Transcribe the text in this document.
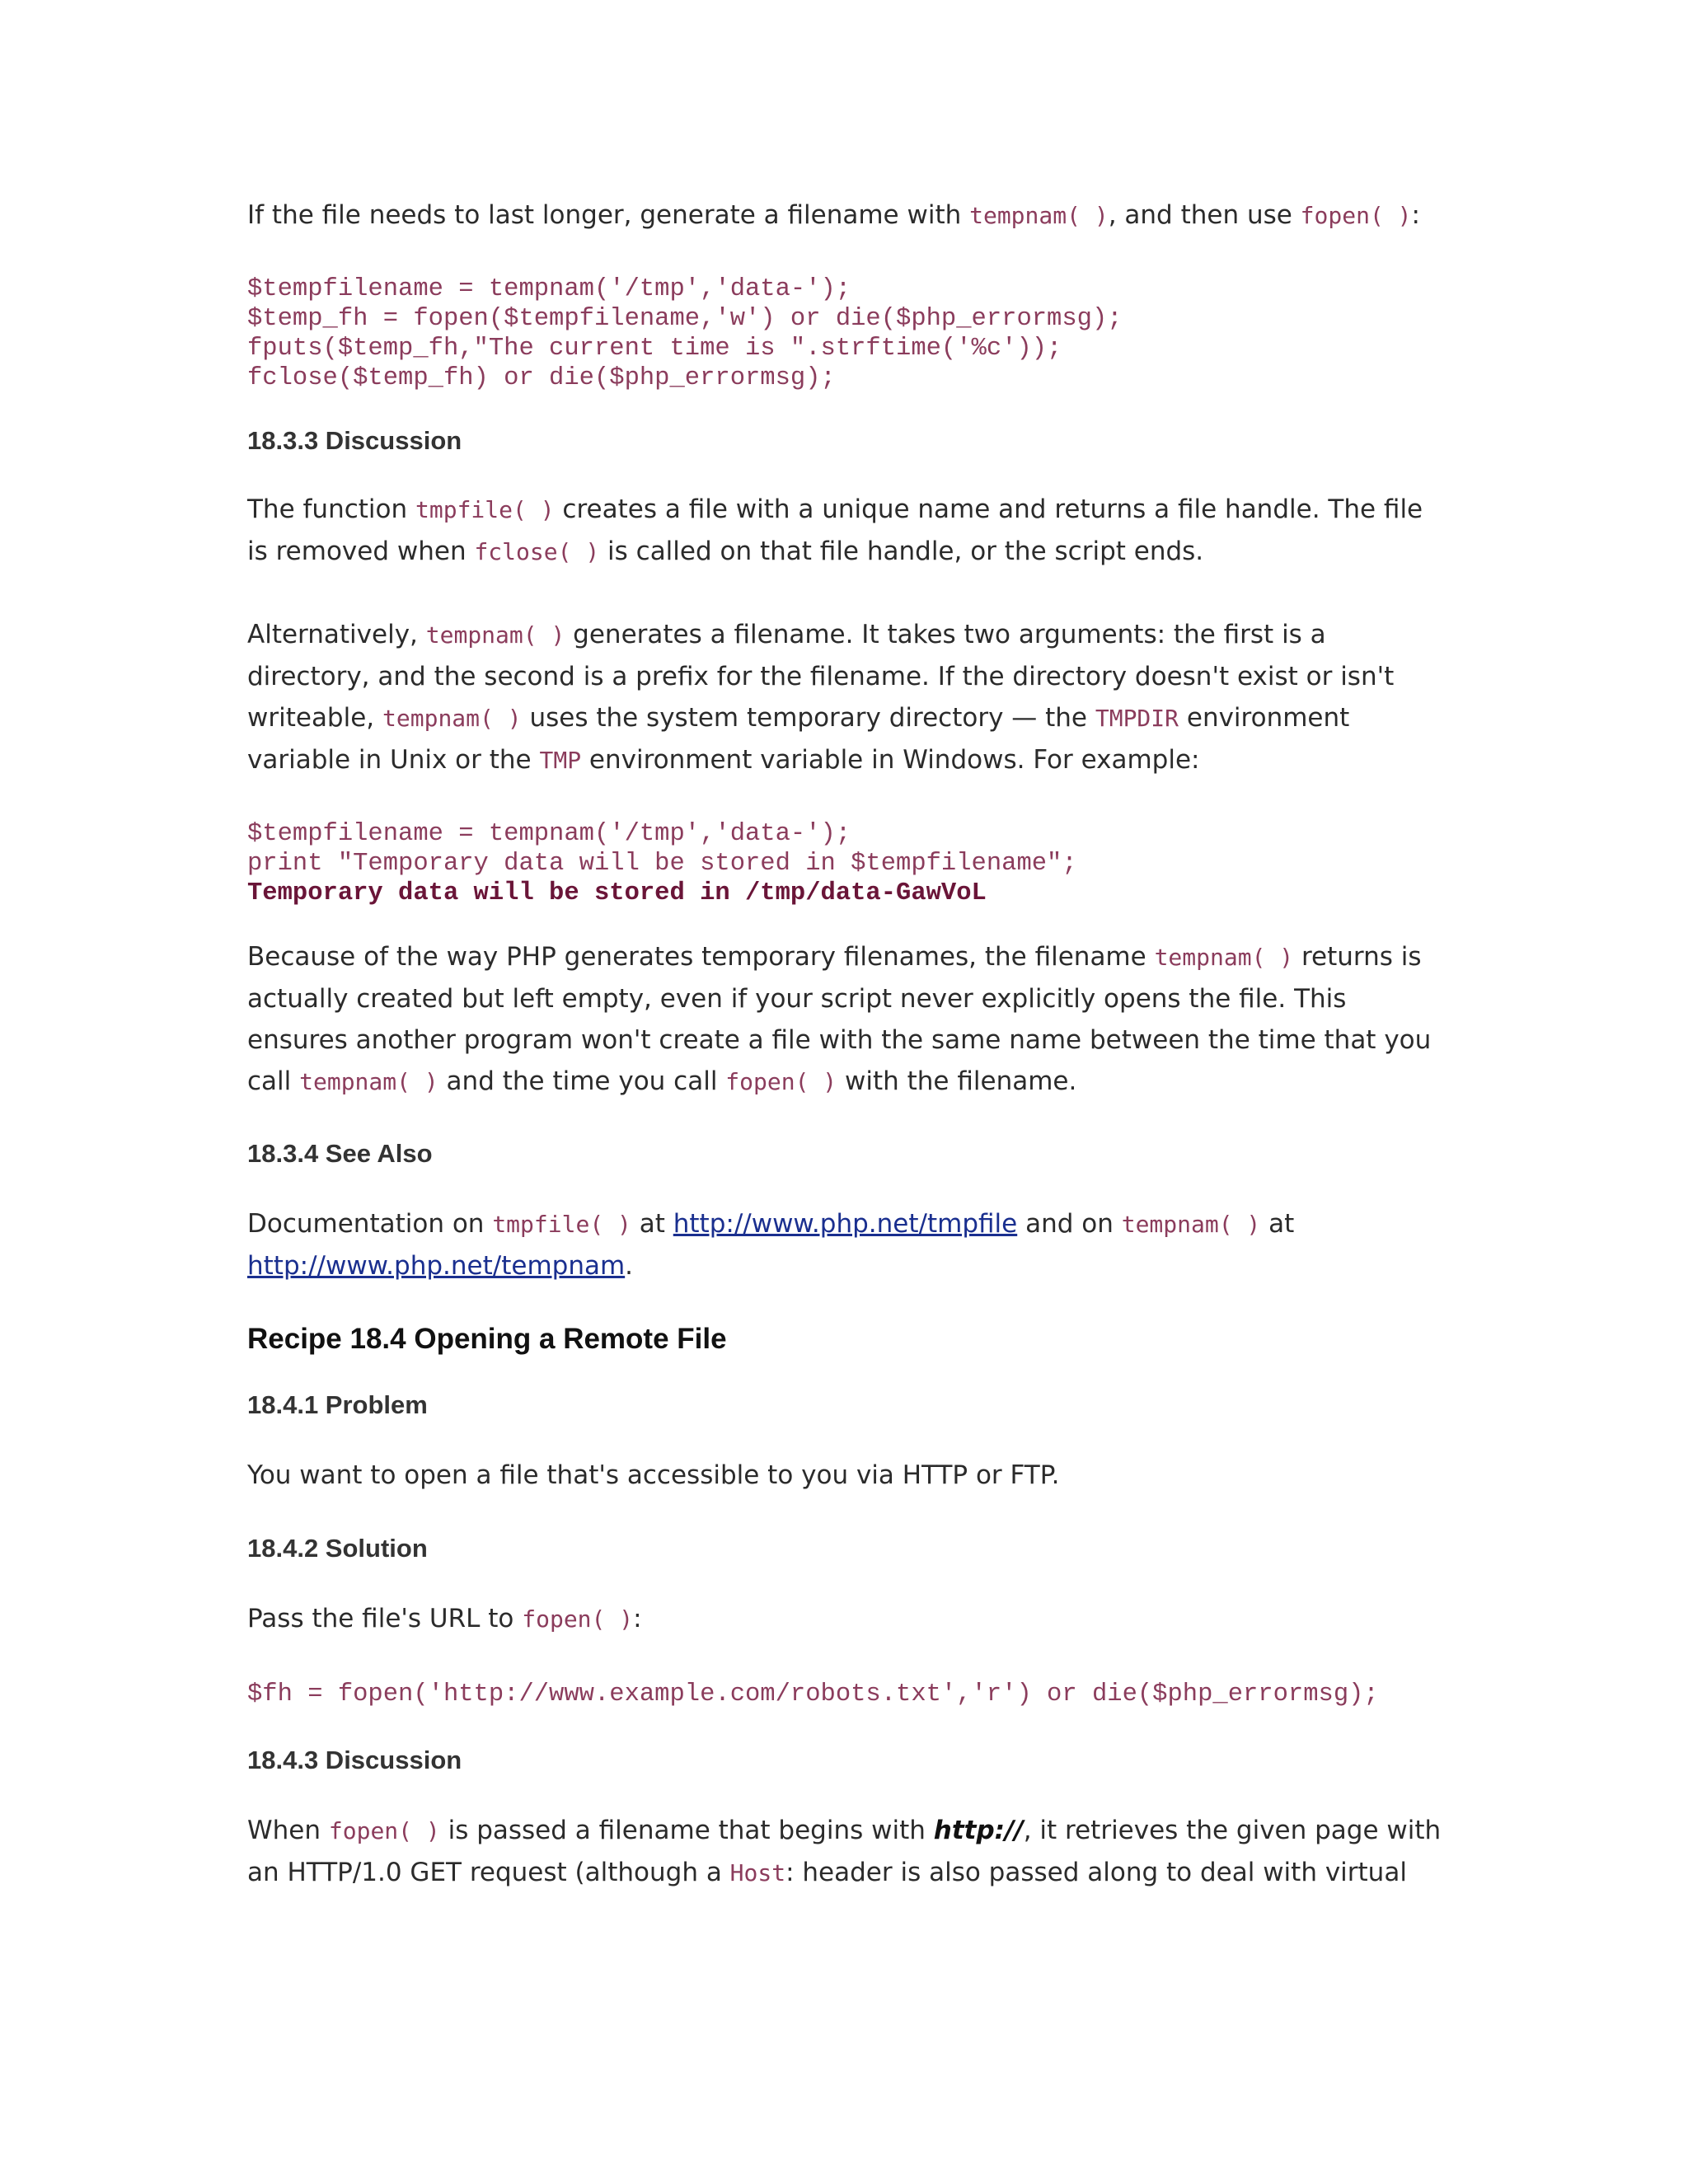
If the file needs to last longer, generate a filename with tempnam( ), and then use fopen( ):

$tempfilename = tempnam('/tmp','data-');
$temp_fh = fopen($tempfilename,'w') or die($php_errormsg);
fputs($temp_fh,"The current time is ".strftime('%c'));
fclose($temp_fh) or die($php_errormsg);
18.3.3 Discussion

The function tmpfile( ) creates a file with a unique name and returns a file handle. The file is removed when fclose( ) is called on that file handle, or the script ends.

Alternatively, tempnam( ) generates a filename. It takes two arguments: the first is a directory, and the second is a prefix for the filename. If the directory doesn't exist or isn't writeable, tempnam( ) uses the system temporary directory — the TMPDIR environment variable in Unix or the TMP environment variable in Windows. For example:

$tempfilename = tempnam('/tmp','data-');
print "Temporary data will be stored in $tempfilename";
Temporary data will be stored in /tmp/data-GawVoL

Because of the way PHP generates temporary filenames, the filename tempnam( ) returns is actually created but left empty, even if your script never explicitly opens the file. This ensures another program won't create a file with the same name between the time that you call tempnam( ) and the time you call fopen( ) with the filename.

18.3.4 See Also

Documentation on tmpfile( ) at http://www.php.net/tmpfile and on tempnam( ) at http://www.php.net/tempnam.

Recipe 18.4 Opening a Remote File
18.4.1 Problem

You want to open a file that's accessible to you via HTTP or FTP.

18.4.2 Solution

Pass the file's URL to fopen( ):

$fh = fopen('http://www.example.com/robots.txt','r') or die($php_errormsg);
18.4.3 Discussion

When fopen( ) is passed a filename that begins with http://, it retrieves the given page with an HTTP/1.0 GET request (although a Host: header is also passed along to deal with virtual
